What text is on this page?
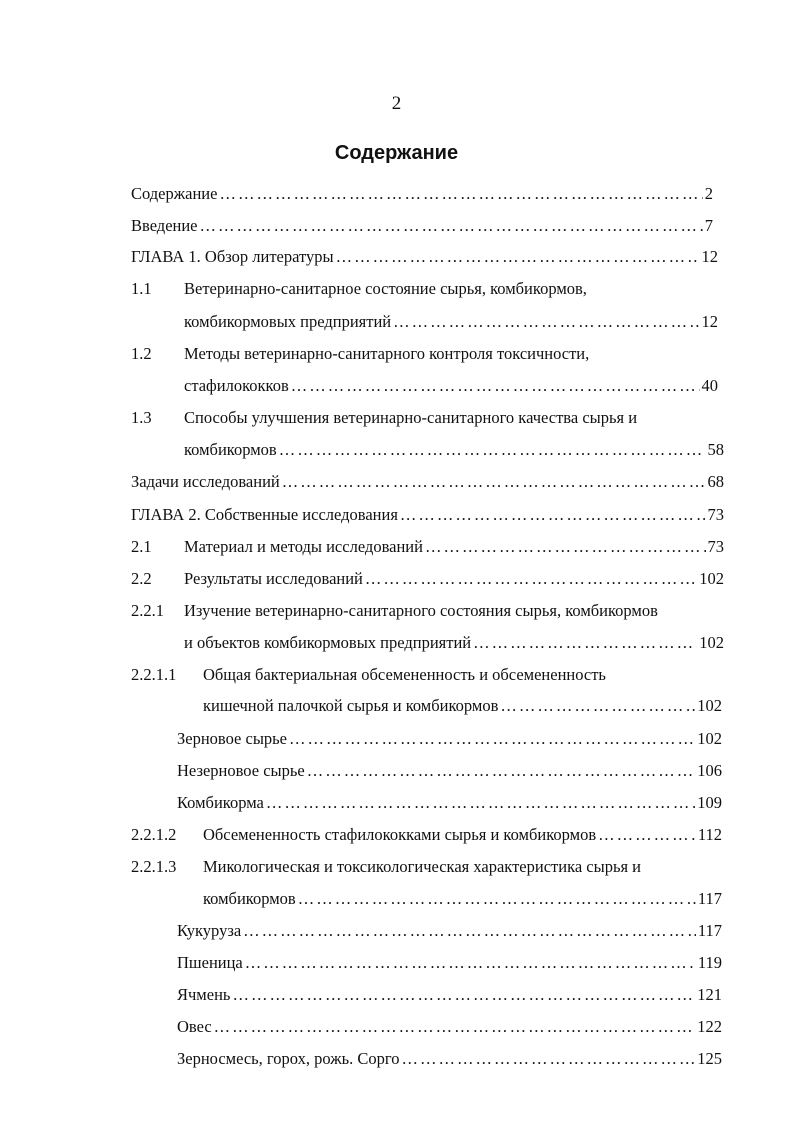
2
Содержание
Содержание …………………………………………………………………………………………………………………………	2
Введение …………………………………………………………………………………………………………………………	7
ГЛАВА 1. Обзор литературы …………………………………………………………………………………………………………………………	12
1.1 Ветеринарно-санитарное состояние сырья, комбикормов,
комбикормовых предприятий …………………………………………………………………………………………………………………………	12
1.2 Методы ветеринарно-санитарного контроля токсичности,
стафилококков …………………………………………………………………………………………………………………………	40
1.3 Способы улучшения ветеринарно-санитарного качества сырья и
комбикормов …………………………………………………………………………………………………………………………	58
Задачи исследований …………………………………………………………………………………………………………………………	68
ГЛАВА 2. Собственные исследования …………………………………………………………………………………………………………………………	73
2.1 Материал и методы исследований …………………………………………………………………………………………………………………………	73
2.2 Результаты исследований …………………………………………………………………………………………………………………………	102
2.2.1 Изучение ветеринарно-санитарного состояния сырья, комбикормов
и объектов комбикормовых предприятий …………………………………………………………………………………………………………………………	102
2.2.1.1 Общая бактериальная обсемененность и обсемененность
кишечной палочкой сырья и комбикормов …………………………………………………………………………………………………………………………	102
Зерновое сырье …………………………………………………………………………………………………………………………	102
Незерновое сырье …………………………………………………………………………………………………………………………	106
Комбикорма …………………………………………………………………………………………………………………………	109
2.2.1.2 Обсемененность стафилококками сырья и комбикормов …………………………………………………………………………………………………………………………	112
2.2.1.3 Микологическая и токсикологическая характеристика сырья и
комбикормов …………………………………………………………………………………………………………………………	117
Кукуруза …………………………………………………………………………………………………………………………	117
Пшеница …………………………………………………………………………………………………………………………	119
Ячмень …………………………………………………………………………………………………………………………	121
Овес …………………………………………………………………………………………………………………………	122
Зерносмесь, горох, рожь. Сорго …………………………………………………………………………………………………………………………	125
